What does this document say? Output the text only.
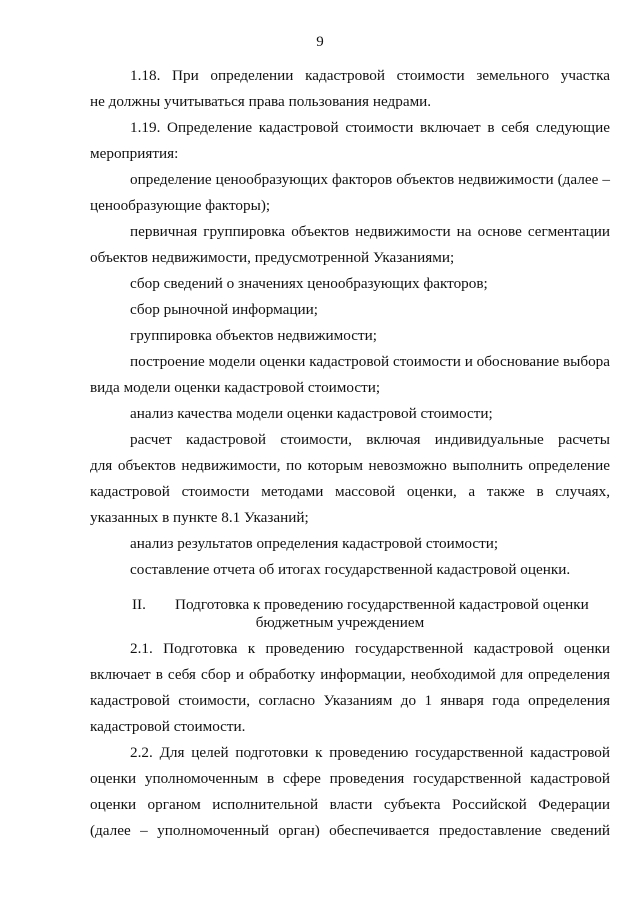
9
1.18. При определении кадастровой стоимости земельного участка
не должны учитываться права пользования недрами.
1.19. Определение кадастровой стоимости включает в себя следующие
мероприятия:
определение ценообразующих факторов объектов недвижимости (далее –
ценообразующие факторы);
первичная группировка объектов недвижимости на основе сегментации
объектов недвижимости, предусмотренной Указаниями;
сбор сведений о значениях ценообразующих факторов;
сбор рыночной информации;
группировка объектов недвижимости;
построение модели оценки кадастровой стоимости и обоснование выбора
вида модели оценки кадастровой стоимости;
анализ качества модели оценки кадастровой стоимости;
расчет кадастровой стоимости, включая индивидуальные расчеты
для объектов недвижимости, по которым невозможно выполнить определение
кадастровой стоимости методами массовой оценки, а также в случаях,
указанных в пункте 8.1 Указаний;
анализ результатов определения кадастровой стоимости;
составление отчета об итогах государственной кадастровой оценки.
II. Подготовка к проведению государственной кадастровой оценки
бюджетным учреждением
2.1. Подготовка к проведению государственной кадастровой оценки
включает в себя сбор и обработку информации, необходимой для определения
кадастровой стоимости, согласно Указаниям до 1 января года определения
кадастровой стоимости.
2.2. Для целей подготовки к проведению государственной кадастровой
оценки уполномоченным в сфере проведения государственной кадастровой
оценки органом исполнительной власти субъекта Российской Федерации
(далее – уполномоченный орган) обеспечивается предоставление сведений
